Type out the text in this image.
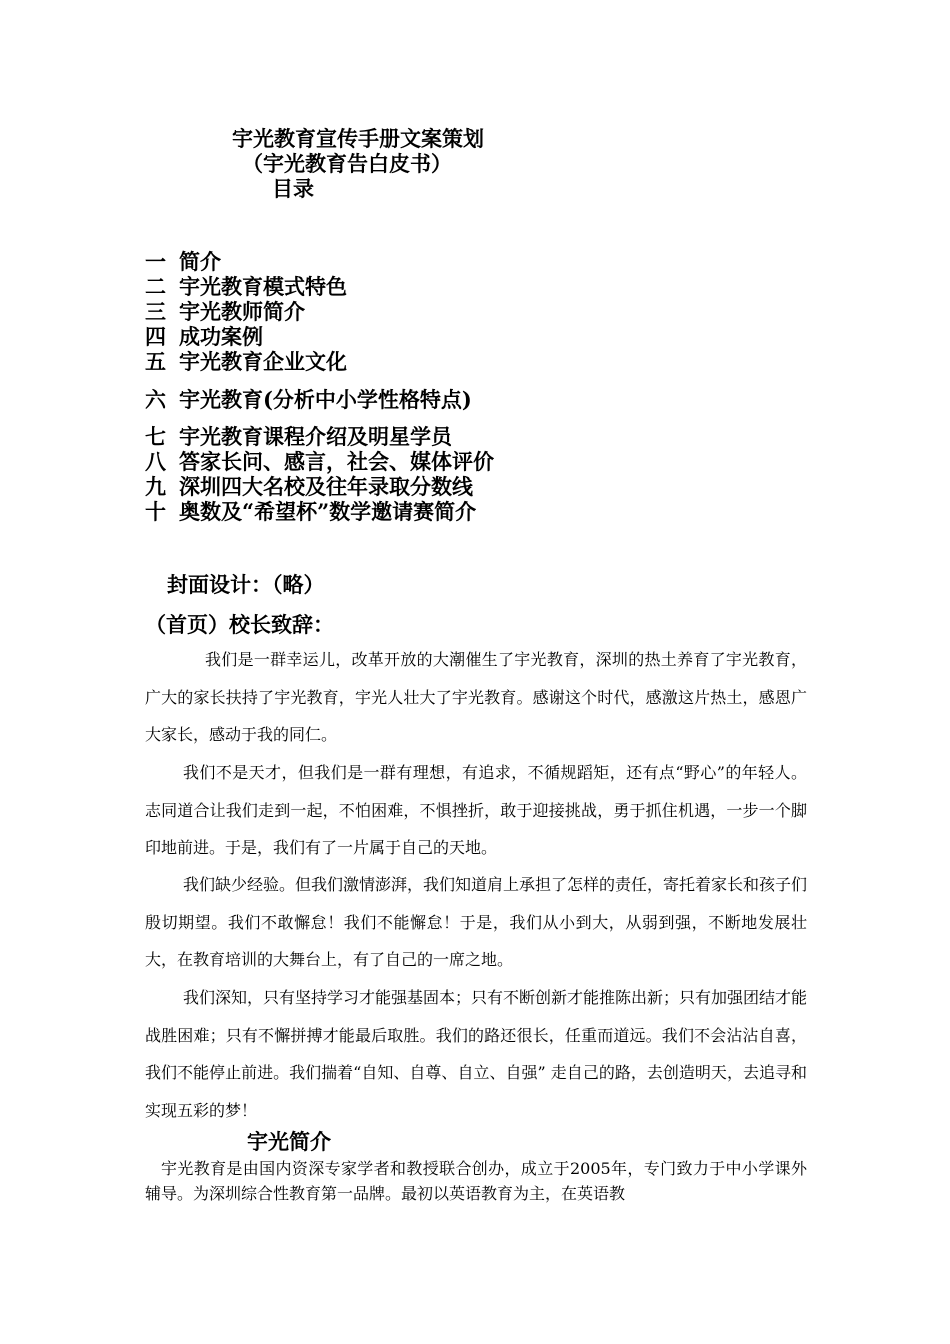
宇光教育宣传手册文案策划
（宇光教育告白皮书）
目录
一 简介
二 宇光教育模式特色
三 宇光教师简介
四 成功案例
五 宇光教育企业文化
六 宇光教育(分析中小学性格特点)
七 宇光教育课程介绍及明星学员
八 答家长问、感言，社会、媒体评价
九 深圳四大名校及往年录取分数线
十 奥数及“希望杯”数学邀请赛简介
封面设计：（略）
（首页）校长致辞：
我们是一群幸运儿，改革开放的大潮催生了宇光教育，深圳的热土养育了宇光教育，广大的家长扶持了宇光教育，宇光人壮大了宇光教育。感谢这个时代，感激这片热土，感恩广大家长，感动于我的同仁。
我们不是天才，但我们是一群有理想，有追求，不循规蹈矩，还有点“野心”的年轻人。志同道合让我们走到一起，不怕困难，不惧挫折，敢于迎接挑战，勇于抓住机遇，一步一个脚印地前进。于是，我们有了一片属于自己的天地。
我们缺少经验。但我们激情澎湃，我们知道肩上承担了怎样的责任，寄托着家长和孩子们殷切期望。我们不敢懈怠！我们不能懈怠！于是，我们从小到大，从弱到强，不断地发展壮大，在教育培训的大舞台上，有了自己的一席之地。
我们深知，只有坚持学习才能强基固本；只有不断创新才能推陈出新；只有加强团结才能战胜困难；只有不懈拼搏才能最后取胜。我们的路还很长，任重而道远。我们不会沾沾自喜，我们不能停止前进。我们揣着“自知、自尊、自立、自强” 走自己的路，去创造明天，去追寻和实现五彩的梦！
宇光简介
宇光教育是由国内资深专家学者和教授联合创办，成立于2005年，专门致力于中小学课外辅导。为深圳综合性教育第一品牌。最初以英语教育为主，在英语教
